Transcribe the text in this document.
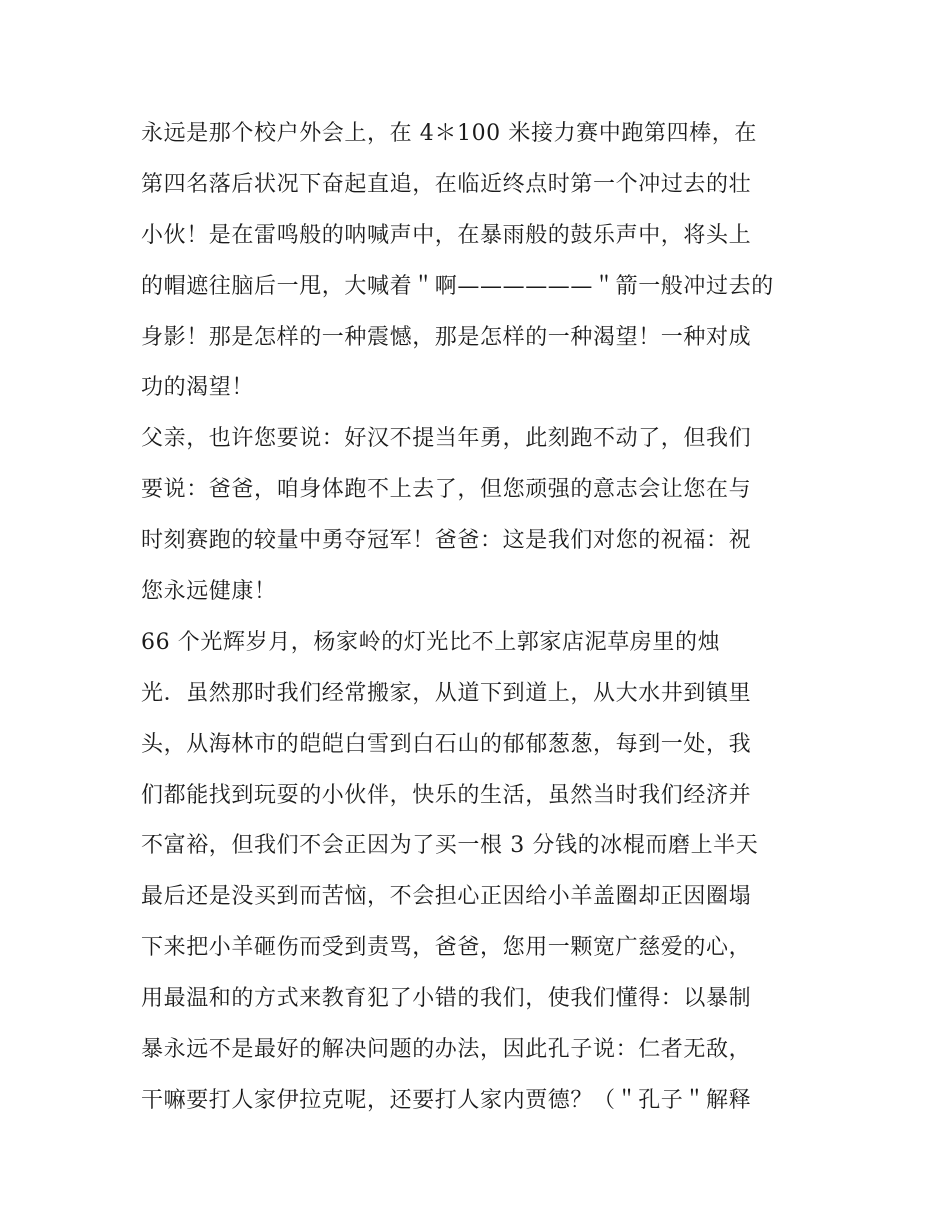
永远是那个校户外会上，在 4＊100 米接力赛中跑第四棒，在
第四名落后状况下奋起直追，在临近终点时第一个冲过去的壮
小伙！是在雷鸣般的呐喊声中，在暴雨般的鼓乐声中，将头上
的帽遮往脑后一甩，大喊着＂啊——————＂箭一般冲过去的
身影！那是怎样的一种震憾，那是怎样的一种渴望！一种对成
功的渴望！
父亲，也许您要说：好汉不提当年勇，此刻跑不动了，但我们
要说：爸爸，咱身体跑不上去了，但您顽强的意志会让您在与
时刻赛跑的较量中勇夺冠军！爸爸：这是我们对您的祝福：祝
您永远健康！
66 个光辉岁月，杨家岭的灯光比不上郭家店泥草房里的烛
光．虽然那时我们经常搬家，从道下到道上，从大水井到镇里
头，从海林市的皑皑白雪到白石山的郁郁葱葱，每到一处，我
们都能找到玩耍的小伙伴，快乐的生活，虽然当时我们经济并
不富裕，但我们不会正因为了买一根 3 分钱的冰棍而磨上半天
最后还是没买到而苦恼，不会担心正因给小羊盖圈却正因圈塌
下来把小羊砸伤而受到责骂，爸爸，您用一颗宽广慈爱的心，
用最温和的方式来教育犯了小错的我们，使我们懂得：以暴制
暴永远不是最好的解决问题的办法，因此孔子说：仁者无敌，
干嘛要打人家伊拉克呢，还要打人家内贾德？（＂孔子＂解释
